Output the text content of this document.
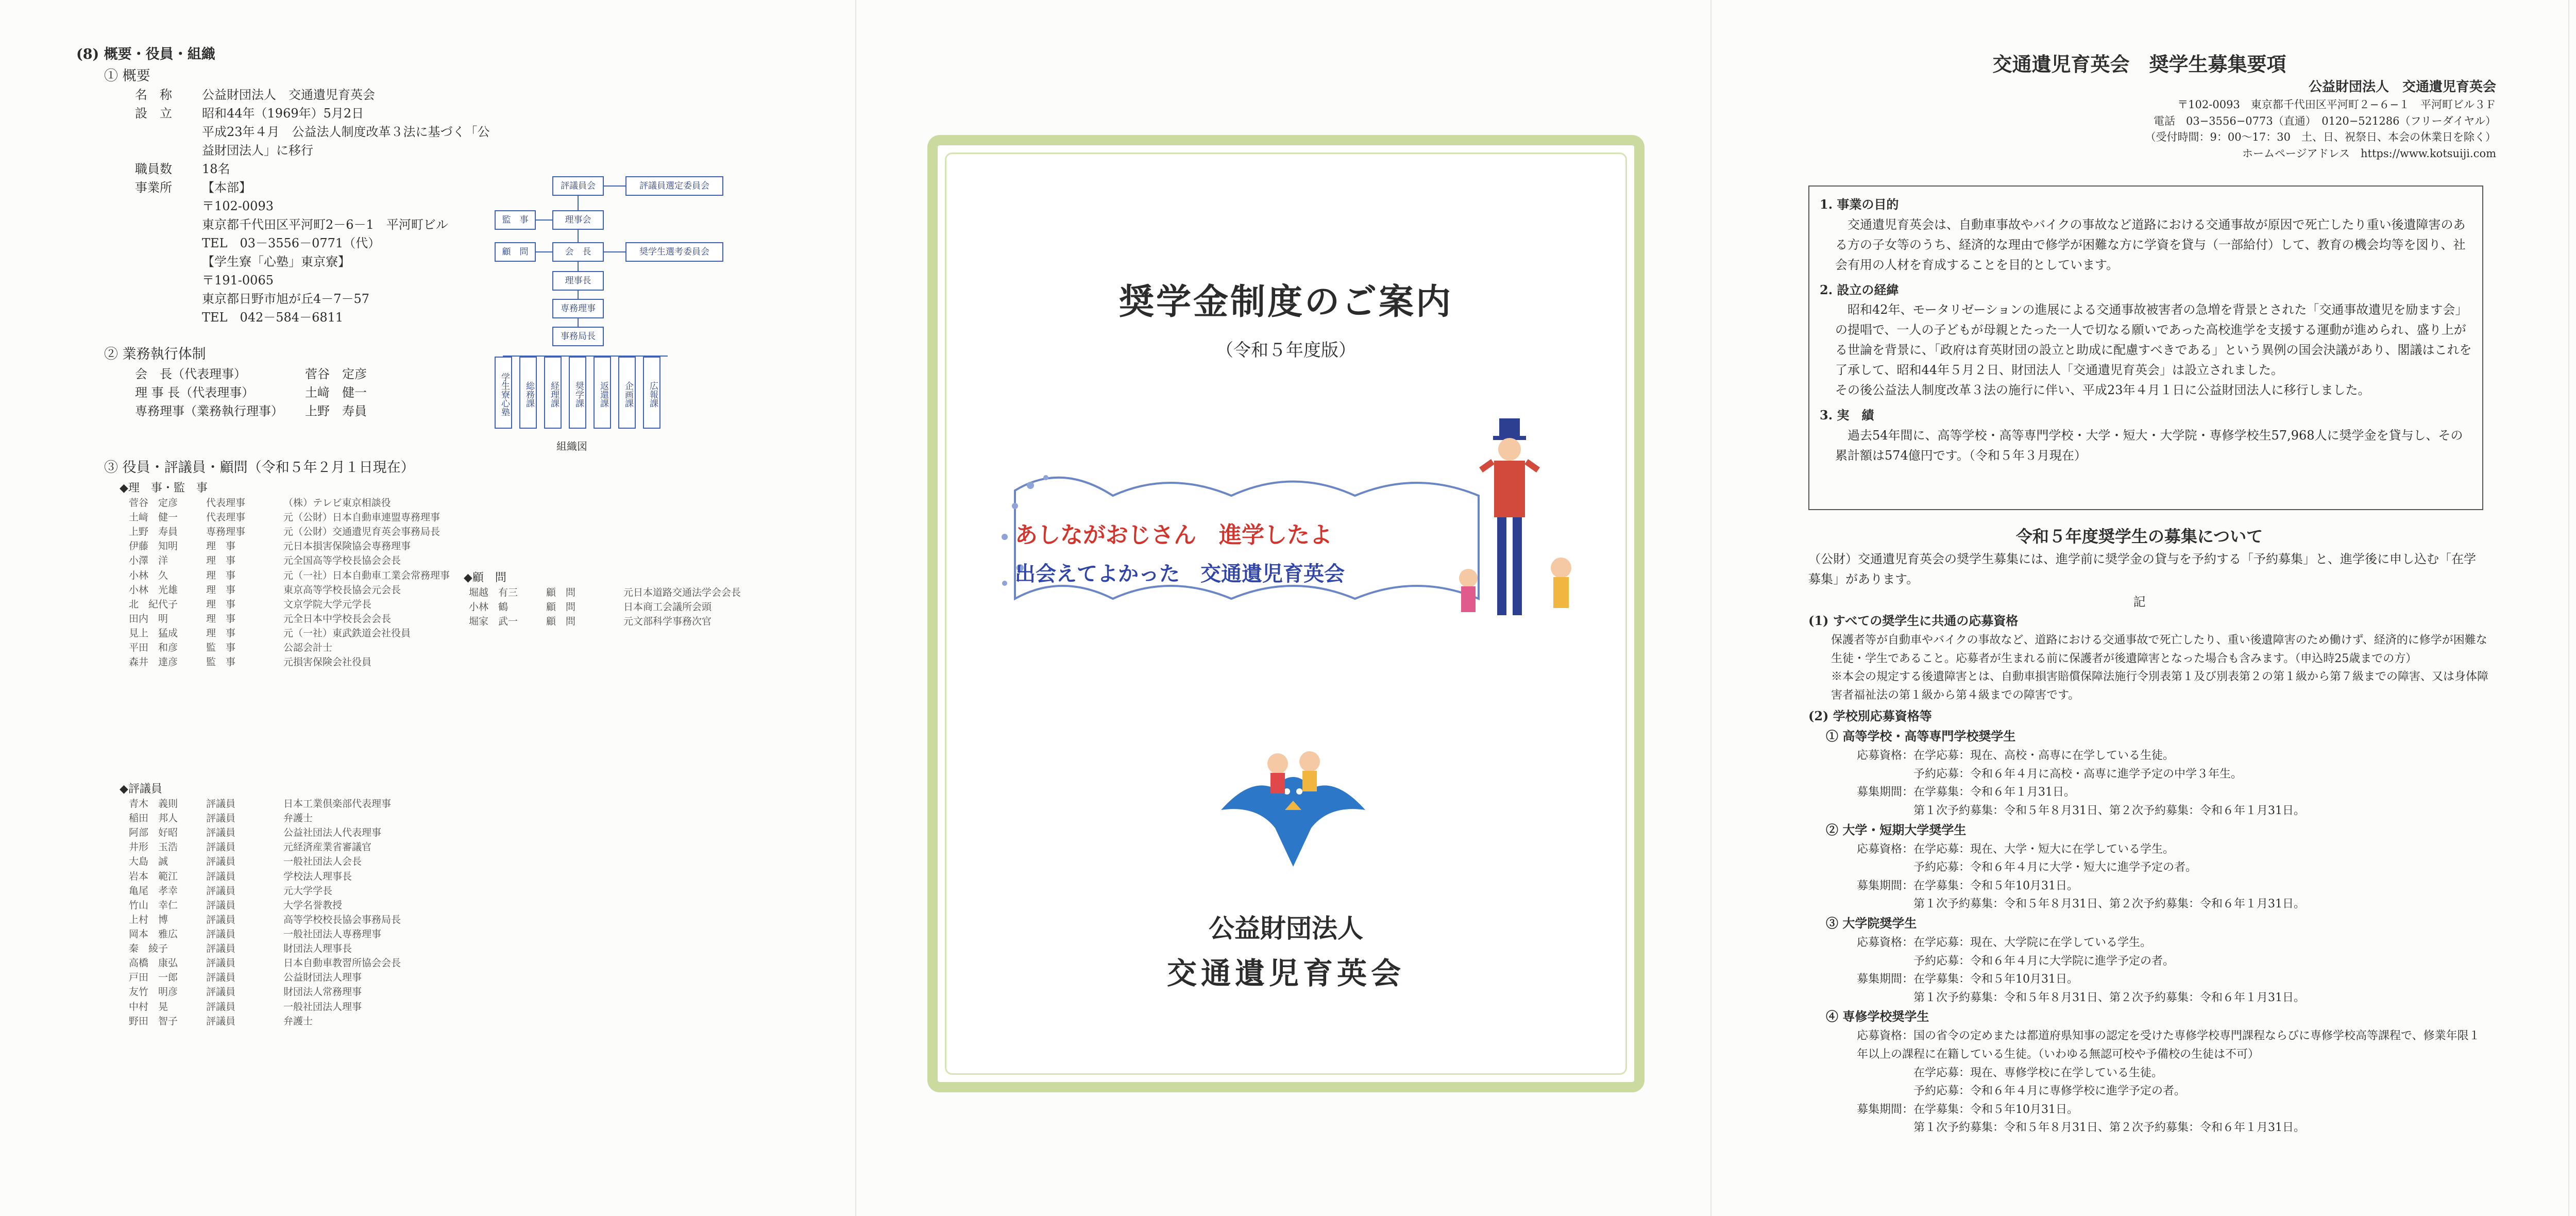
(8) 概要・役員・組織
① 概要
名　称	公益財団法人　交通遺児育英会
設　立	昭和44年（1969年）5月2日
平成23年４月　公益法人制度改革３法に基づく「公益財団法人」に移行
職員数	18名
事業所	【本部】
〒102-0093
東京都千代田区平河町2－6－1　平河町ビル
TEL　03－3556－0771（代）
【学生寮「心塾」東京寮】
〒191-0065
東京都日野市旭が丘4－7－57
TEL　042－584－6811
評議員会	評議員選定委員会
理事会
監　事
会　長
顧　問	奨学生選考委員会
理事長
専務理事
事務局長
学生寮心塾	総務課	経理課	奨学課	返還課	企画課	広報課
組織図
② 業務執行体制
会　長（代表理事）	菅谷　定彦
理 事 長（代表理事）	土﨑　健一
専務理事（業務執行理事）	上野　寿員
③ 役員・評議員・顧問（令和５年２月１日現在）
◆理　事・監　事
菅谷　定彦	代表理事	（株）テレビ東京相談役
土﨑　健一	代表理事	元（公財）日本自動車連盟専務理事
上野　寿員	専務理事	元（公財）交通遺児育英会事務局長
伊藤　知明	理　事	元日本損害保険協会専務理事
小澤　洋	理　事	元全国高等学校長協会会長
小林　久	理　事	元（一社）日本自動車工業会常務理事
小林　光雄	理　事	東京高等学校長協会元会長
北　紀代子	理　事	文京学院大学元学長
田内　明	理　事	元全日本中学校長会会長
見上　猛成	理　事	元（一社）東武鉄道会社役員
平田　和彦	監　事	公認会計士
森井　達彦	監　事	元損害保険会社役員
◆顧　問
堀越　有三	顧　問	元日本道路交通法学会会長
小林　鶴	顧　問	日本商工会議所会頭
堀家　武一	顧　問	元文部科学事務次官
◆評議員
青木　義則	評議員	日本工業倶楽部代表理事
稲田　邦人	評議員	弁護士
阿部　好昭	評議員	公益社団法人代表理事
井形　玉浩	評議員	元経済産業省審議官
大島　誠	評議員	一般社団法人会長
岩本　範江	評議員	学校法人理事長
亀尾　孝幸	評議員	元大学学長
竹山　幸仁	評議員	大学名誉教授
上村　博	評議員	高等学校校長協会事務局長
岡本　雅広	評議員	一般社団法人専務理事
秦　綾子	評議員	財団法人理事長
高橋　康弘	評議員	日本自動車教習所協会会長
戸田　一郎	評議員	公益財団法人理事
友竹　明彦	評議員	財団法人常務理事
中村　晃	評議員	一般社団法人理事
野田　智子	評議員	弁護士
奨学金制度のご案内
（令和５年度版）
あしながおじさん　進学したよ
出会えてよかった　交通遺児育英会
公益財団法人
交通遺児育英会
交通遺児育英会　奨学生募集要項
公益財団法人　交通遺児育英会
〒102-0093　東京都千代田区平河町２−６−１　平河町ビル３Ｆ
電話　03−3556−0773（直通）　0120−521286（フリーダイヤル）
（受付時間：9：00〜17：30　土、日、祝祭日、本会の休業日を除く）
ホームページアドレス　https://www.kotsuiji.com
1. 事業の目的
交通遺児育英会は、自動車事故やバイクの事故など道路における交通事故が原因で死亡したり重い後遺障害のある方の子女等のうち、経済的な理由で修学が困難な方に学資を貸与（一部給付）して、教育の機会均等を図り、社会有用の人材を育成することを目的としています。
2. 設立の経緯
昭和42年、モータリゼーションの進展による交通事故被害者の急増を背景とされた「交通事故遺児を励ます会」の提唱で、一人の子どもが母親とたった一人で切なる願いであった高校進学を支援する運動が進められ、盛り上がる世論を背景に、「政府は育英財団の設立と助成に配慮すべきである」という異例の国会決議があり、閣議はこれを了承して、昭和44年５月２日、財団法人「交通遺児育英会」は設立されました。
その後公益法人制度改革３法の施行に伴い、平成23年４月１日に公益財団法人に移行しました。
3. 実　績
過去54年間に、高等学校・高等専門学校・大学・短大・大学院・専修学校生57,968人に奨学金を貸与し、その累計額は574億円です。（令和５年３月現在）
令和５年度奨学生の募集について
（公財）交通遺児育英会の奨学生募集には、進学前に奨学金の貸与を予約する「予約募集」と、進学後に申し込む「在学募集」があります。
記
(1) すべての奨学生に共通の応募資格
保護者等が自動車やバイクの事故など、道路における交通事故で死亡したり、重い後遺障害のため働けず、経済的に修学が困難な生徒・学生であること。応募者が生まれる前に保護者が後遺障害となった場合も含みます。（申込時25歳までの方）
※本会の規定する後遺障害とは、自動車損害賠償保障法施行令別表第１及び別表第２の第１級から第７級までの障害、又は身体障害者福祉法の第１級から第４級までの障害です。
(2) 学校別応募資格等
① 高等学校・高等専門学校奨学生
応募資格：在学応募：現在、高校・高専に在学している生徒。
　　　　　予約応募：令和６年４月に高校・高専に進学予定の中学３年生。
募集期間：在学募集：令和６年１月31日。
　　　　　第１次予約募集：令和５年８月31日、第２次予約募集：令和６年１月31日。
② 大学・短期大学奨学生
応募資格：在学応募：現在、大学・短大に在学している学生。
　　　　　予約応募：令和６年４月に大学・短大に進学予定の者。
募集期間：在学募集：令和５年10月31日。
　　　　　第１次予約募集：令和５年８月31日、第２次予約募集：令和６年１月31日。
③ 大学院奨学生
応募資格：在学応募：現在、大学院に在学している学生。
　　　　　予約応募：令和６年４月に大学院に進学予定の者。
募集期間：在学募集：令和５年10月31日。
　　　　　第１次予約募集：令和５年８月31日、第２次予約募集：令和６年１月31日。
④ 専修学校奨学生
応募資格：国の省令の定めまたは都道府県知事の認定を受けた専修学校専門課程ならびに専修学校高等課程で、修業年限１年以上の課程に在籍している生徒。（いわゆる無認可校や予備校の生徒は不可）
　　　　　在学応募：現在、専修学校に在学している生徒。
　　　　　予約応募：令和６年４月に専修学校に進学予定の者。
募集期間：在学募集：令和５年10月31日。
　　　　　第１次予約募集：令和５年８月31日、第２次予約募集：令和６年１月31日。
